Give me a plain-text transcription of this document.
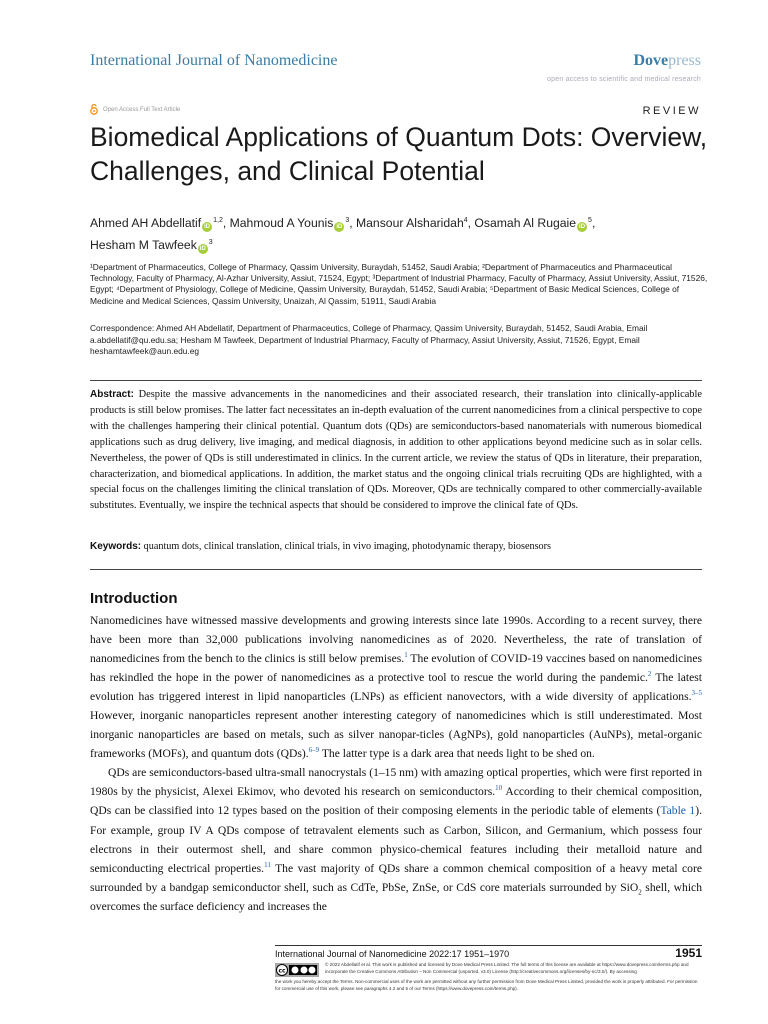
International Journal of Nanomedicine	Dovepress
open access to scientific and medical research
Open Access Full Text Article	REVIEW
Biomedical Applications of Quantum Dots: Overview, Challenges, and Clinical Potential
Ahmed AH Abdellatif iD$^{1,2}$, Mahmoud A Younis $iD^3$, Mansour Alsharidah$^4$, Osamah Al Rugaie $iD^5$,
Hesham M Tawfeek $iD^3$
¹Department of Pharmaceutics, College of Pharmacy, Qassim University, Buraydah, 51452, Saudi Arabia; ²Department of Pharmaceutics and Pharmaceutical Technology, Faculty of Pharmacy, Al-Azhar University, Assiut, 71524, Egypt; ³Department of Industrial Pharmacy, Faculty of Pharmacy, Assiut University, Assiut, 71526, Egypt; ⁴Department of Physiology, College of Medicine, Qassim University, Buraydah, 51452, Saudi Arabia; ⁵Department of Basic Medical Sciences, College of Medicine and Medical Sciences, Qassim University, Unaizah, Al Qassim, 51911, Saudi Arabia
Correspondence: Ahmed AH Abdellatif, Department of Pharmaceutics, College of Pharmacy, Qassim University, Buraydah, 51452, Saudi Arabia, Email a.abdellatif@qu.edu.sa; Hesham M Tawfeek, Department of Industrial Pharmacy, Faculty of Pharmacy, Assiut University, Assiut, 71526, Egypt, Email heshamtawfeek@aun.edu.eg
Abstract: Despite the massive advancements in the nanomedicines and their associated research, their translation into clinically-applicable products is still below promises. The latter fact necessitates an in-depth evaluation of the current nanomedicines from a clinical perspective to cope with the challenges hampering their clinical potential. Quantum dots (QDs) are semiconductors-based nanomaterials with numerous biomedical applications such as drug delivery, live imaging, and medical diagnosis, in addition to other applications beyond medicine such as in solar cells. Nevertheless, the power of QDs is still underestimated in clinics. In the current article, we review the status of QDs in literature, their preparation, characterization, and biomedical applications. In addition, the market status and the ongoing clinical trials recruiting QDs are highlighted, with a special focus on the challenges limiting the clinical translation of QDs. Moreover, QDs are technically compared to other commercially-available substitutes. Eventually, we inspire the technical aspects that should be considered to improve the clinical fate of QDs.
Keywords: quantum dots, clinical translation, clinical trials, in vivo imaging, photodynamic therapy, biosensors
Introduction

Nanomedicines have witnessed massive developments and growing interests since late 1990s. According to a recent survey, there have been more than 32,000 publications involving nanomedicines as of 2020. Nevertheless, the rate of translation of nanomedicines from the bench to the clinics is still below premises.$^1$ The evolution of COVID-19 vaccines based on nanomedicines has rekindled the hope in the power of nanomedicines as a protective tool to rescue the world during the pandemic.$^2$ The latest evolution has triggered interest in lipid nanoparticles (LNPs) as efficient nanovectors, with a wide diversity of applications.$^{3-5}$ However, inorganic nanoparticles represent another interesting category of nanomedicines which is still underestimated. Most inorganic nanoparticles are based on metals, such as silver nanopar-ticles (AgNPs), gold nanoparticles (AuNPs), metal-organic frameworks (MOFs), and quantum dots (QDs).$^{6-9}$ The latter type is a dark area that needs light to be shed on.

QDs are semiconductors-based ultra-small nanocrystals (1–15 nm) with amazing optical properties, which were first reported in 1980s by the physicist, Alexei Ekimov, who devoted his research on semiconductors.$^{10}$ According to their chemical composition, QDs can be classified into 12 types based on the position of their composing elements in the periodic table of elements (Table 1). For example, group IV A QDs compose of tetravalent elements such as Carbon, Silicon, and Germanium, which possess four electrons in their outermost shell, and share common physico-chemical features including their metalloid nature and semiconducting electrical properties.$^{11}$ The vast majority of QDs share a common chemical composition of a heavy metal core surrounded by a bandgap semiconductor shell, such as CdTe, PbSe, ZnSe, or CdS core materials surrounded by SiO$_2$ shell, which overcomes the surface deficiency and increases the

International Journal of Nanomedicine 2022:17 1951–1970	1951
cc
© 2022 Abdellatif et al. This work is published and licensed by Dove Medical Press Limited. The full terms of this license are available at https://www.dovepress.com/terms.php and incorporate the Creative Commons Attribution – Non Commercial (unported, v3.0) License (http://creativecommons.org/licenses/by-nc/3.0/). By accessing
the work you hereby accept the Terms. Non-commercial uses of the work are permitted without any further permission from Dove Medical Press Limited, provided the work is properly attributed. For permission for commercial use of this work, please see paragraphs 4.2 and 5 of our Terms (https://www.dovepress.com/terms.php).
